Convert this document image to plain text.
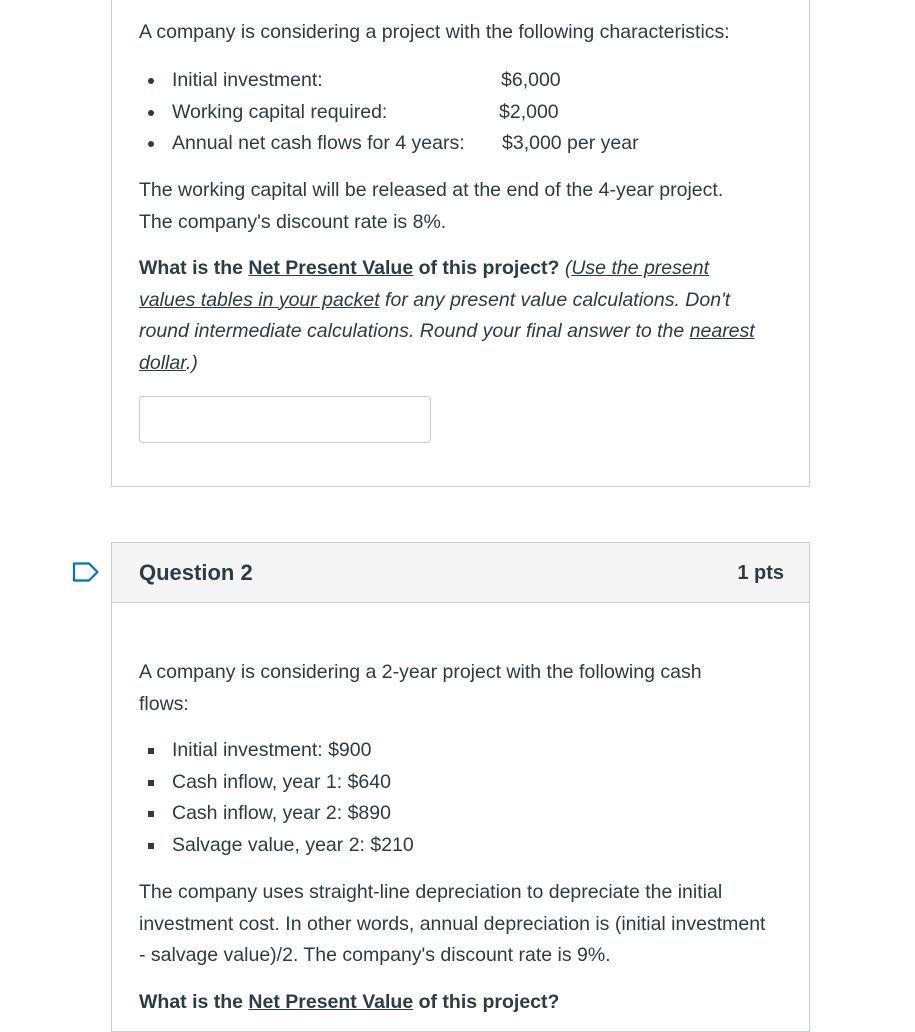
A company is considering a project with the following characteristics:

Initial investment:	$6,000
Working capital required:	$2,000
Annual net cash flows for 4 years: $3,000 per year

The working capital will be released at the end of the 4-year project.

The company's discount rate is 8%.

What is the Net Present Value of this project? (Use the present values tables in your packet for any present value calculations. Don't round intermediate calculations. Round your final answer to the nearest dollar.)

Question 2	1 pts

A company is considering a 2-year project with the following cash flows:

Initial investment: $900
Cash inflow, year 1: $640
Cash inflow, year 2: $890
Salvage value, year 2: $210

The company uses straight-line depreciation to depreciate the initial investment cost. In other words, annual depreciation is (initial investment - salvage value)/2. The company's discount rate is 9%.

What is the Net Present Value of this project?
